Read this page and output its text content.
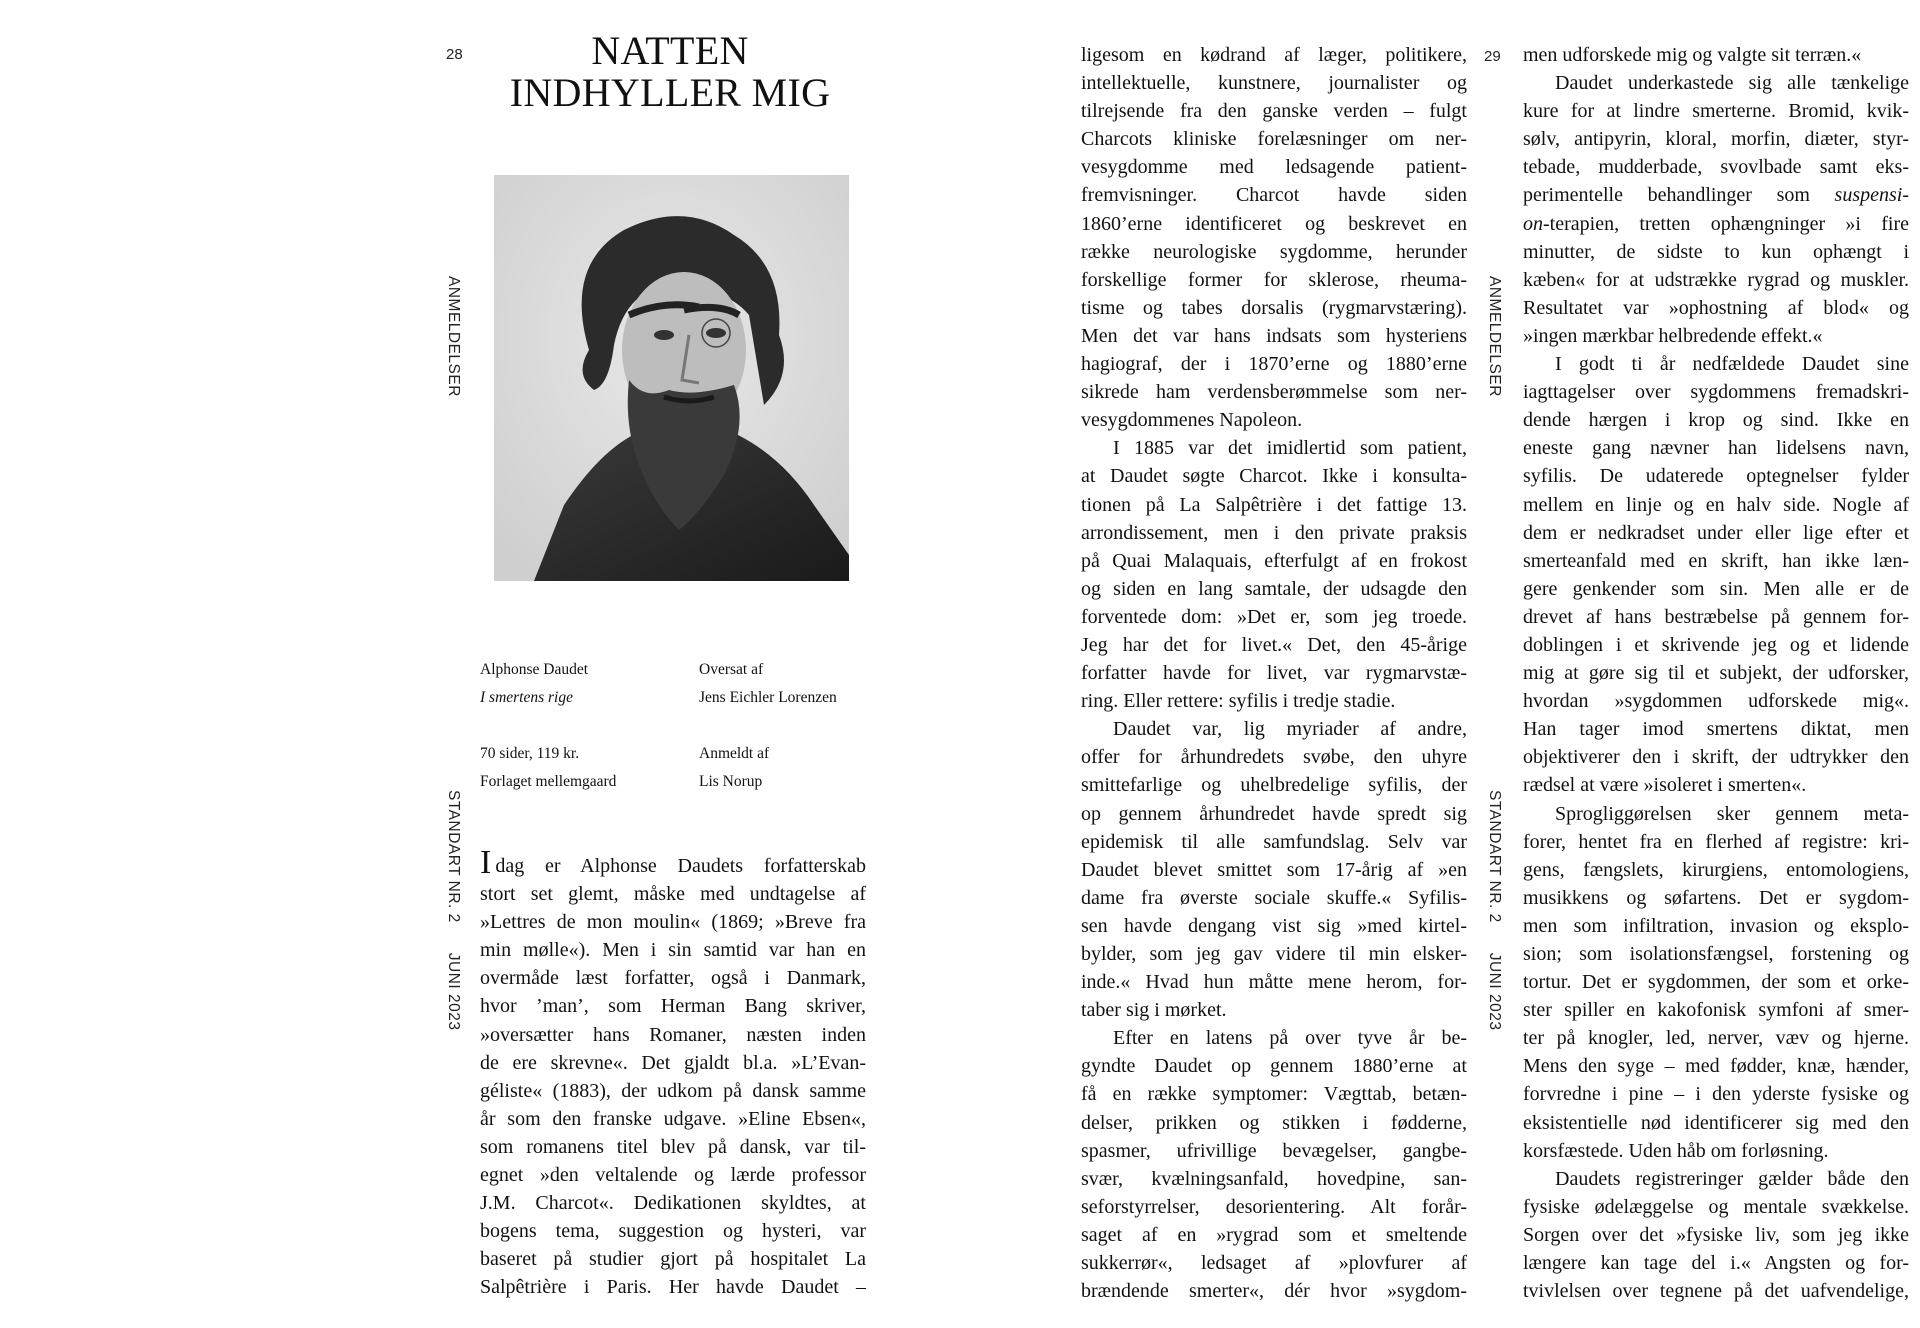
28
ANMELDELSER
STANDART NR. 2JUNI 2023
NATTEN
INDHYLLER MIG
Alphonse Daudet
I smertens rige
70 sider, 119 kr.
Forlaget mellemgaard
Oversat af
Jens Eichler Lorenzen
Anmeldt af
Lis Norup
Idag er Alphonse Daudets forfatterskab
stort set glemt, måske med undtagelse af
»Lettres de mon moulin« (1869; »Breve fra
min mølle«). Men i sin samtid var han en
overmåde læst forfatter, også i Danmark,
hvor ’man’, som Herman Bang skriver,
»oversætter hans Romaner, næsten inden
de ere skrevne«. Det gjaldt bl.a. »L’Evan-
géliste« (1883), der udkom på dansk samme
år som den franske udgave. »Eline Ebsen«,
som romanens titel blev på dansk, var til-
egnet »den veltalende og lærde professor
J.M. Charcot«. Dedikationen skyldtes, at
bogens tema, suggestion og hysteri, var
baseret på studier gjort på hospitalet La
Salpêtrière i Paris. Her havde Daudet –
ligesom en kødrand af læger, politikere,
intellektuelle, kunstnere, journalister og
tilrejsende fra den ganske verden – fulgt
Charcots kliniske forelæsninger om ner-
vesygdomme med ledsagende patient-
fremvisninger. Charcot havde siden
1860’erne identificeret og beskrevet en
række neurologiske sygdomme, herunder
forskellige former for sklerose, rheuma-
tisme og tabes dorsalis (rygmarvstæring).
Men det var hans indsats som hysteriens
hagiograf, der i 1870’erne og 1880’erne
sikrede ham verdensberømmelse som ner-
vesygdommenes Napoleon.
I 1885 var det imidlertid som patient,
at Daudet søgte Charcot. Ikke i konsulta-
tionen på La Salpêtrière i det fattige 13.
arrondissement, men i den private praksis
på Quai Malaquais, efterfulgt af en frokost
og siden en lang samtale, der udsagde den
forventede dom: »Det er, som jeg troede.
Jeg har det for livet.« Det, den 45-årige
forfatter havde for livet, var rygmarvstæ-
ring. Eller rettere: syfilis i tredje stadie.
Daudet var, lig myriader af andre,
offer for århundredets svøbe, den uhyre
smittefarlige og uhelbredelige syfilis, der
op gennem århundredet havde spredt sig
epidemisk til alle samfundslag. Selv var
Daudet blevet smittet som 17-årig af »en
dame fra øverste sociale skuffe.« Syfilis-
sen havde dengang vist sig »med kirtel-
bylder, som jeg gav videre til min elsker-
inde.« Hvad hun måtte mene herom, for-
taber sig i mørket.
Efter en latens på over tyve år be-
gyndte Daudet op gennem 1880’erne at
få en række symptomer: Vægttab, betæn-
delser, prikken og stikken i fødderne,
spasmer, ufrivillige bevægelser, gangbe-
svær, kvælningsanfald, hovedpine, san-
seforstyrrelser, desorientering. Alt forår-
saget af en »rygrad som et smeltende
sukkerrør«, ledsaget af »plovfurer af
brændende smerter«, dér hvor »sygdom-
29
ANMELDELSER
STANDART NR. 2JUNI 2023
men udforskede mig og valgte sit terræn.«
Daudet underkastede sig alle tænkelige
kure for at lindre smerterne. Bromid, kvik-
sølv, antipyrin, kloral, morfin, diæter, styr-
tebade, mudderbade, svovlbade samt eks-
perimentelle behandlinger som suspensi-
on-terapien, tretten ophængninger »i fire
minutter, de sidste to kun ophængt i
kæben« for at udstrække rygrad og muskler.
Resultatet var »ophostning af blod« og
»ingen mærkbar helbredende effekt.«
I godt ti år nedfældede Daudet sine
iagttagelser over sygdommens fremadskri-
dende hærgen i krop og sind. Ikke en
eneste gang nævner han lidelsens navn,
syfilis. De udaterede optegnelser fylder
mellem en linje og en halv side. Nogle af
dem er nedkradset under eller lige efter et
smerteanfald med en skrift, han ikke læn-
gere genkender som sin. Men alle er de
drevet af hans bestræbelse på gennem for-
doblingen i et skrivende jeg og et lidende
mig at gøre sig til et subjekt, der udforsker,
hvordan »sygdommen udforskede mig«.
Han tager imod smertens diktat, men
objektiverer den i skrift, der udtrykker den
rædsel at være »isoleret i smerten«.
Sprogliggørelsen sker gennem meta-
forer, hentet fra en flerhed af registre: kri-
gens, fængslets, kirurgiens, entomologiens,
musikkens og søfartens. Det er sygdom-
men som infiltration, invasion og eksplo-
sion; som isolationsfængsel, forstening og
tortur. Det er sygdommen, der som et orke-
ster spiller en kakofonisk symfoni af smer-
ter på knogler, led, nerver, væv og hjerne.
Mens den syge – med fødder, knæ, hænder,
forvredne i pine – i den yderste fysiske og
eksistentielle nød identificerer sig med den
korsfæstede. Uden håb om forløsning.
Daudets registreringer gælder både den
fysiske ødelæggelse og mentale svækkelse.
Sorgen over det »fysiske liv, som jeg ikke
længere kan tage del i.« Angsten og for-
tvivlelsen over tegnene på det uafvendelige,
